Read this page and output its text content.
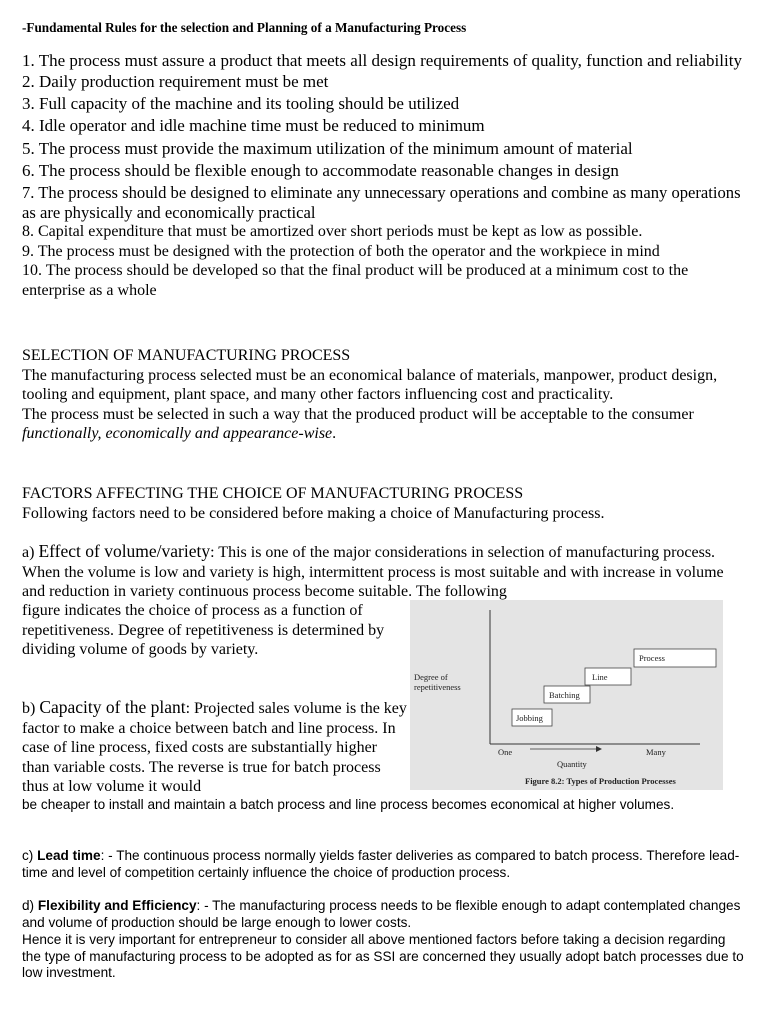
-Fundamental Rules for the selection and Planning of a Manufacturing Process
1. The process must assure a product that meets all design requirements of quality, function and reliability
2. Daily production requirement must be met
3. Full capacity of the machine and its tooling should be utilized
4. Idle operator and idle machine time must be reduced to minimum
5. The process must provide the maximum utilization of the minimum amount of material
6. The process should be flexible enough to accommodate reasonable changes in design
7. The process should be designed to eliminate any unnecessary operations and combine as many operations as are physically and economically practical
8. Capital expenditure that must be amortized over short periods must be kept as low as possible.
9. The process must be designed with the protection of both the operator and the workpiece in mind
10. The process should be developed so that the final product will be produced at a minimum cost to the enterprise as a whole
SELECTION OF MANUFACTURING PROCESS
The manufacturing process selected must be an economical balance of materials, manpower, product design, tooling and equipment, plant space, and many other factors influencing cost and practicality.
The process must be selected in such a way that the produced product will be acceptable to the consumer functionally, economically and appearance-wise.
FACTORS AFFECTING THE CHOICE OF MANUFACTURING PROCESS
Following factors need to be considered before making a choice of Manufacturing process.
a) Effect of volume/variety: This is one of the major considerations in selection of manufacturing process. When the volume is low and variety is high, intermittent process is most suitable and with increase in volume and reduction in variety continuous process become suitable. The following
figure indicates the choice of process as a function of repetitiveness. Degree of repetitiveness is determined by dividing volume of goods by variety.
b) Capacity of the plant: Projected sales volume is the key factor to make a choice between batch and line process. In case of line process, fixed costs are substantially higher than variable costs. The reverse is true for batch process thus at low volume it would
be cheaper to install and maintain a batch process and line process becomes economical at higher volumes.
c) Lead time: - The continuous process normally yields faster deliveries as compared to batch process. Therefore lead-time and level of competition certainly influence the choice of production process.
d) Flexibility and Efficiency: - The manufacturing process needs to be flexible enough to adapt contemplated changes and volume of production should be large enough to lower costs.
Hence it is very important for entrepreneur to consider all above mentioned factors before taking a decision regarding the type of manufacturing process to be adopted as for as SSI are concerned they usually adopt batch processes due to low investment.
Degree of
repetitiveness
Jobbing
Batching
Line
Process
One	Many
Quantity
Figure 8.2: Types of Production Processes
